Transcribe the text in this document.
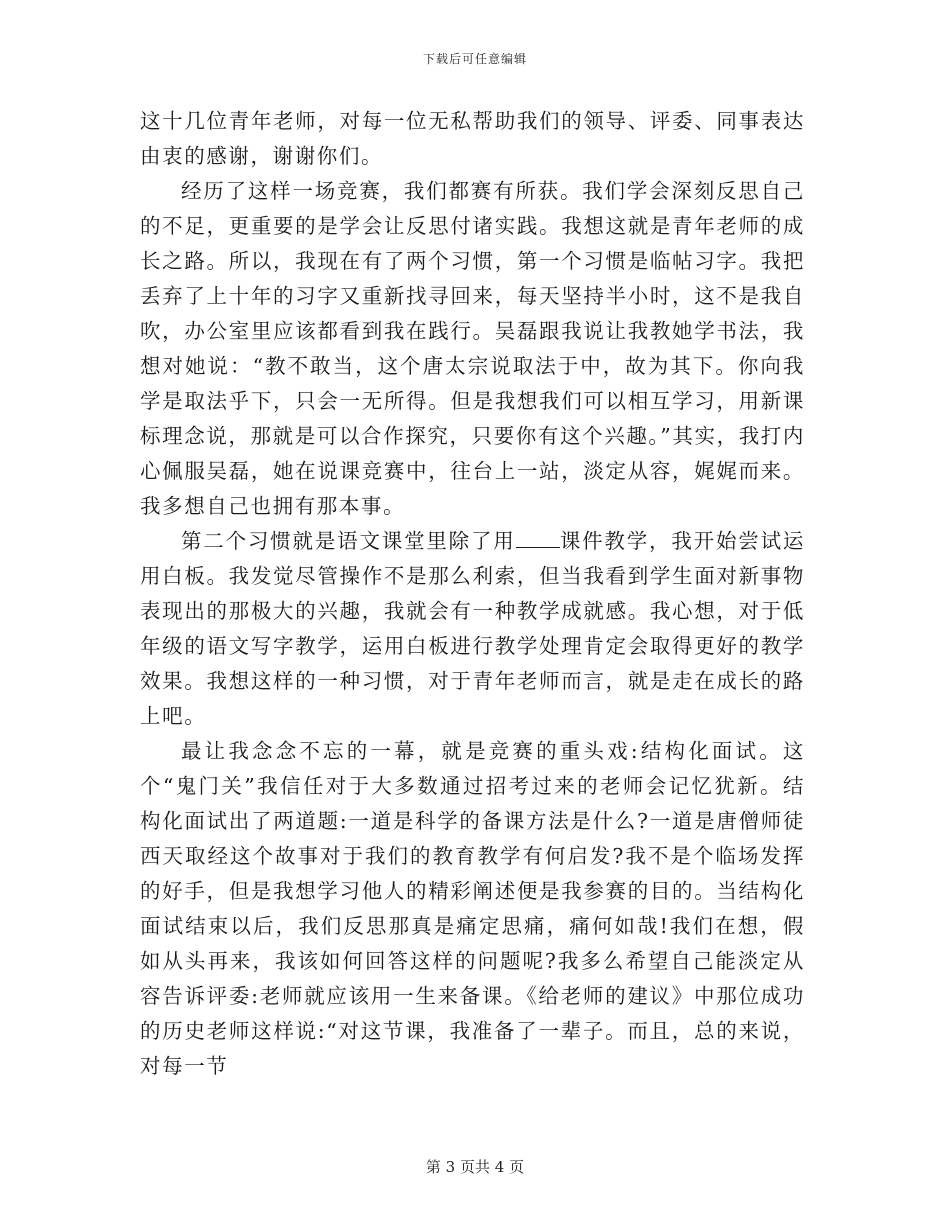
下载后可任意编辑

这十几位青年老师，对每一位无私帮助我们的领导、评委、同事表达由衷的感谢，谢谢你们。

经历了这样一场竞赛，我们都赛有所获。我们学会深刻反思自己的不足，更重要的是学会让反思付诸实践。我想这就是青年老师的成长之路。所以，我现在有了两个习惯，第一个习惯是临帖习字。我把丢弃了上十年的习字又重新找寻回来，每天坚持半小时，这不是我自吹，办公室里应该都看到我在践行。吴磊跟我说让我教她学书法，我想对她说：“教不敢当，这个唐太宗说取法于中，故为其下。你向我学是取法乎下，只会一无所得。但是我想我们可以相互学习，用新课标理念说，那就是可以合作探究，只要你有这个兴趣。”其实，我打内心佩服吴磊，她在说课竞赛中，往台上一站，淡定从容，娓娓而来。我多想自己也拥有那本事。

第二个习惯就是语文课堂里除了用 课件教学，我开始尝试运用白板。我发觉尽管操作不是那么利索，但当我看到学生面对新事物表现出的那极大的兴趣，我就会有一种教学成就感。我心想，对于低年级的语文写字教学，运用白板进行教学处理肯定会取得更好的教学效果。我想这样的一种习惯，对于青年老师而言，就是走在成长的路上吧。

最让我念念不忘的一幕，就是竞赛的重头戏:结构化面试。这个“鬼门关”我信任对于大多数通过招考过来的老师会记忆犹新。结构化面试出了两道题:一道是科学的备课方法是什么?一道是唐僧师徒西天取经这个故事对于我们的教育教学有何启发?我不是个临场发挥的好手，但是我想学习他人的精彩阐述便是我参赛的目的。当结构化面试结束以后，我们反思那真是痛定思痛，痛何如哉!我们在想，假如从头再来，我该如何回答这样的问题呢?我多么希望自己能淡定从容告诉评委:老师就应该用一生来备课。《给老师的建议》中那位成功的历史老师这样说:“对这节课，我准备了一辈子。而且，总的来说，对每一节

第 3 页共 4 页
